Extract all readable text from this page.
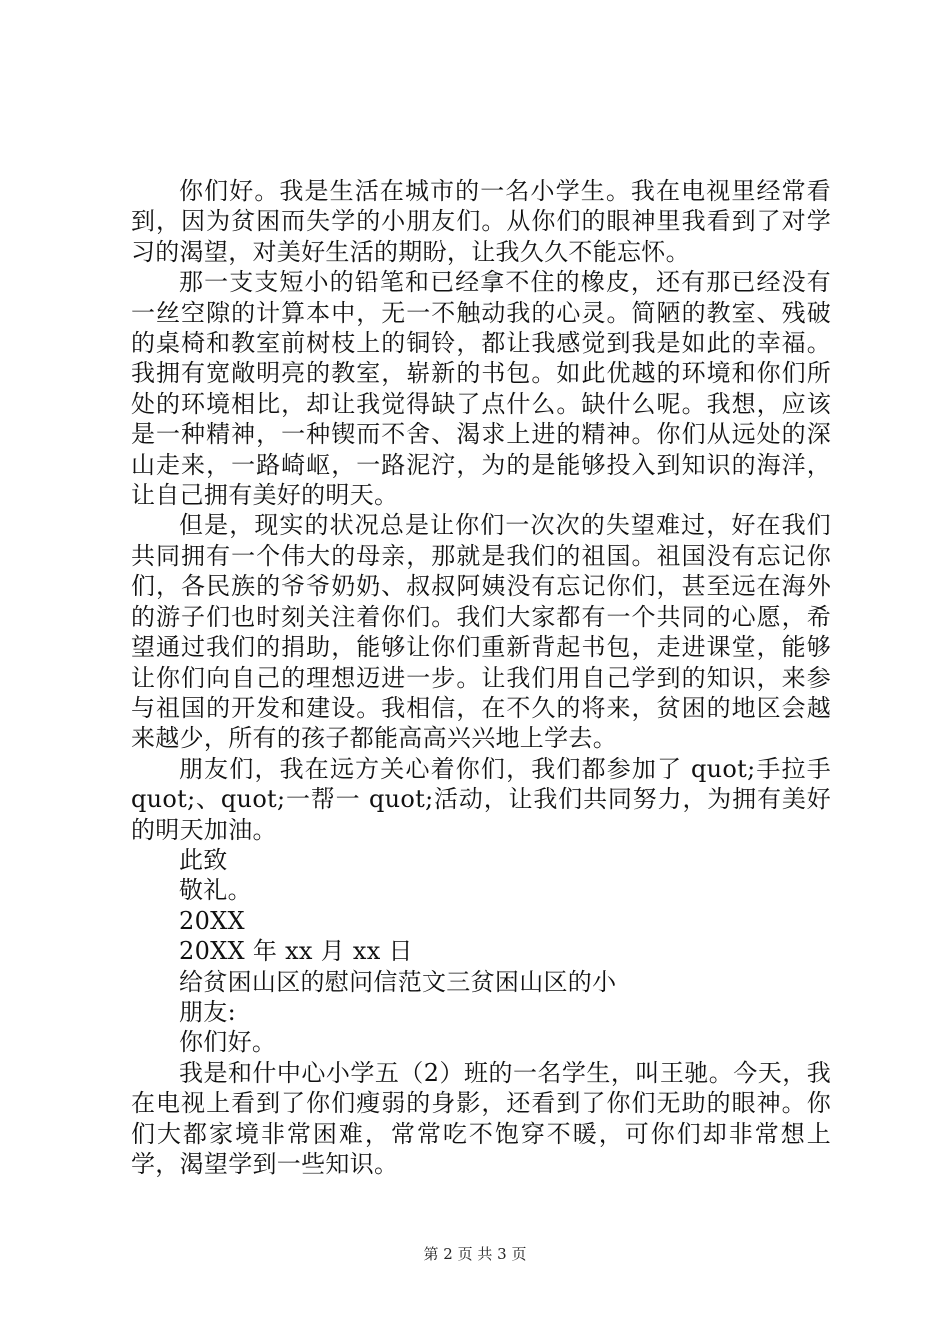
你们好。我是生活在城市的一名小学生。我在电视里经常看到，因为贫困而失学的小朋友们。从你们的眼神里我看到了对学习的渴望，对美好生活的期盼，让我久久不能忘怀。

那一支支短小的铅笔和已经拿不住的橡皮，还有那已经没有一丝空隙的计算本中，无一不触动我的心灵。简陋的教室、残破的桌椅和教室前树枝上的铜铃，都让我感觉到我是如此的幸福。我拥有宽敞明亮的教室，崭新的书包。如此优越的环境和你们所处的环境相比，却让我觉得缺了点什么。缺什么呢。我想，应该是一种精神，一种锲而不舍、渴求上进的精神。你们从远处的深山走来，一路崎岖，一路泥泞，为的是能够投入到知识的海洋，让自己拥有美好的明天。

但是，现实的状况总是让你们一次次的失望难过，好在我们共同拥有一个伟大的母亲，那就是我们的祖国。祖国没有忘记你们，各民族的爷爷奶奶、叔叔阿姨没有忘记你们，甚至远在海外的游子们也时刻关注着你们。我们大家都有一个共同的心愿，希望通过我们的捐助，能够让你们重新背起书包，走进课堂，能够让你们向自己的理想迈进一步。让我们用自己学到的知识，来参与祖国的开发和建设。我相信，在不久的将来，贫困的地区会越来越少，所有的孩子都能高高兴兴地上学去。

朋友们，我在远方关心着你们，我们都参加了 quot;手拉手 quot;、quot;一帮一 quot;活动，让我们共同努力，为拥有美好的明天加油。

此致

敬礼。

20XX

20XX 年 xx 月 xx 日

给贫困山区的慰问信范文三贫困山区的小

朋友:

你们好。

我是和什中心小学五（2）班的一名学生，叫王驰。今天，我在电视上看到了你们瘦弱的身影，还看到了你们无助的眼神。你们大都家境非常困难，常常吃不饱穿不暖，可你们却非常想上学，渴望学到一些知识。

第 2 页 共 3 页
